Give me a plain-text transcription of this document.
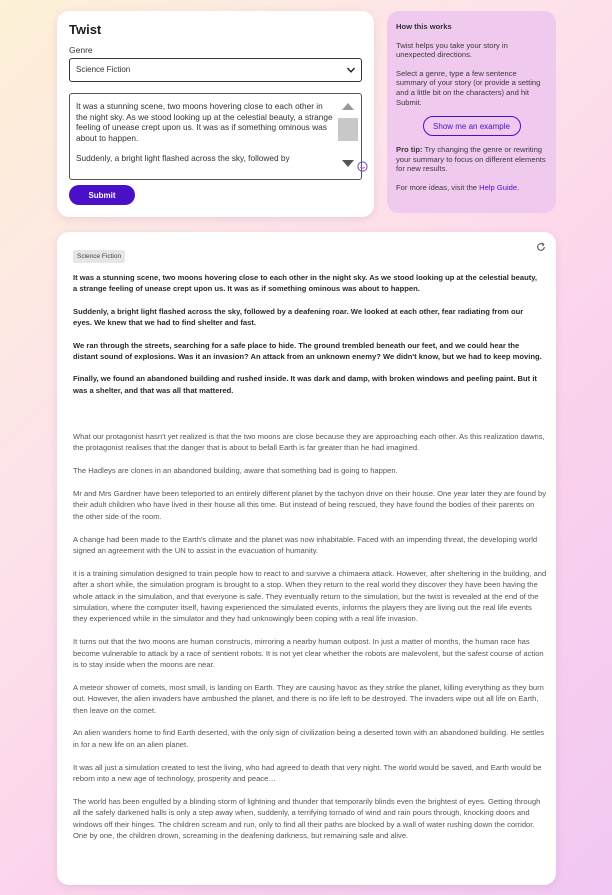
Twist
Genre
Science Fiction

It was a stunning scene, two moons hovering close to each other in the night sky. As we stood looking up at the celestial beauty, a strange feeling of unease crept upon us. It was as if something ominous was about to happen.

Suddenly, a bright light flashed across the sky, followed by

Submit
How this works

Twist helps you take your story in unexpected directions.

Select a genre, type a few sentence summary of your story (or provide a setting and a little bit on the characters) and hit Submit.

Show me an example

Pro tip: Try changing the genre or rewriting your summary to focus on different elements for new results.

For more ideas, visit the Help Guide.

Science Fiction

It was a stunning scene, two moons hovering close to each other in the night sky. As we stood looking up at the celestial beauty, a strange feeling of unease crept upon us. It was as if something ominous was about to happen.

Suddenly, a bright light flashed across the sky, followed by a deafening roar. We looked at each other, fear radiating from our eyes. We knew that we had to find shelter and fast.

We ran through the streets, searching for a safe place to hide. The ground trembled beneath our feet, and we could hear the distant sound of explosions. Was it an invasion? An attack from an unknown enemy? We didn't know, but we had to keep moving.

Finally, we found an abandoned building and rushed inside. It was dark and damp, with broken windows and peeling paint. But it was a shelter, and that was all that mattered.

What our protagonist hasn't yet realized is that the two moons are close because they are approaching each other. As this realization dawns, the protagonist realises that the danger that is about to befall Earth is far greater than he had imagined.

The Hadleys are clones in an abandoned building, aware that something bad is going to happen.

Mr and Mrs Gardner have been teleported to an entirely different planet by the tachyon drive on their house. One year later they are found by their adult children who have lived in their house all this time. But instead of being rescued, they have found the bodies of their parents on the other side of the room.

A change had been made to the Earth's climate and the planet was now inhabitable. Faced with an impending threat, the developing world signed an agreement with the UN to assist in the evacuation of humanity.

it is a training simulation designed to train people how to react to and survive a chimaera attack. However, after sheltering in the building, and after a short while, the simulation program is brought to a stop. When they return to the real world they discover they have been having the whole attack in the simulation, and that everyone is safe. They eventually return to the simulation, but the twist is revealed at the end of the simulation, where the computer itself, having experienced the simulated events, informs the players they are living out the real life events they experienced while in the simulator and they had unknowingly been coping with a real life invasion.

It turns out that the two moons are human constructs, mirroring a nearby human outpost. In just a matter of months, the human race has become vulnerable to attack by a race of sentient robots. It is not yet clear whether the robots are malevolent, but the safest course of action is to stay inside when the moons are near.

A meteor shower of comets, most small, is landing on Earth. They are causing havoc as they strike the planet, killing everything as they burn out. However, the alien invaders have ambushed the planet, and there is no life left to be destroyed. The invaders wipe out all life on Earth, then leave on the comet.

An alien wanders home to find Earth deserted, with the only sign of civilization being a deserted town with an abandoned building. He settles in for a new life on an alien planet.

It was all just a simulation created to test the living, who had agreed to death that very night. The world would be saved, and Earth would be reborn into a new age of technology, prosperity and peace…

The world has been engulfed by a blinding storm of lightning and thunder that temporarily blinds even the brightest of eyes. Getting through all the safely darkened halls is only a step away when, suddenly, a terrifying tornado of wind and rain pours through, knocking doors and windows off their hinges. The children scream and run, only to find all their paths are blocked by a wall of water rushing down the corridor. One by one, the children drown, screaming in the deafening darkness, but remaining safe and alive.
